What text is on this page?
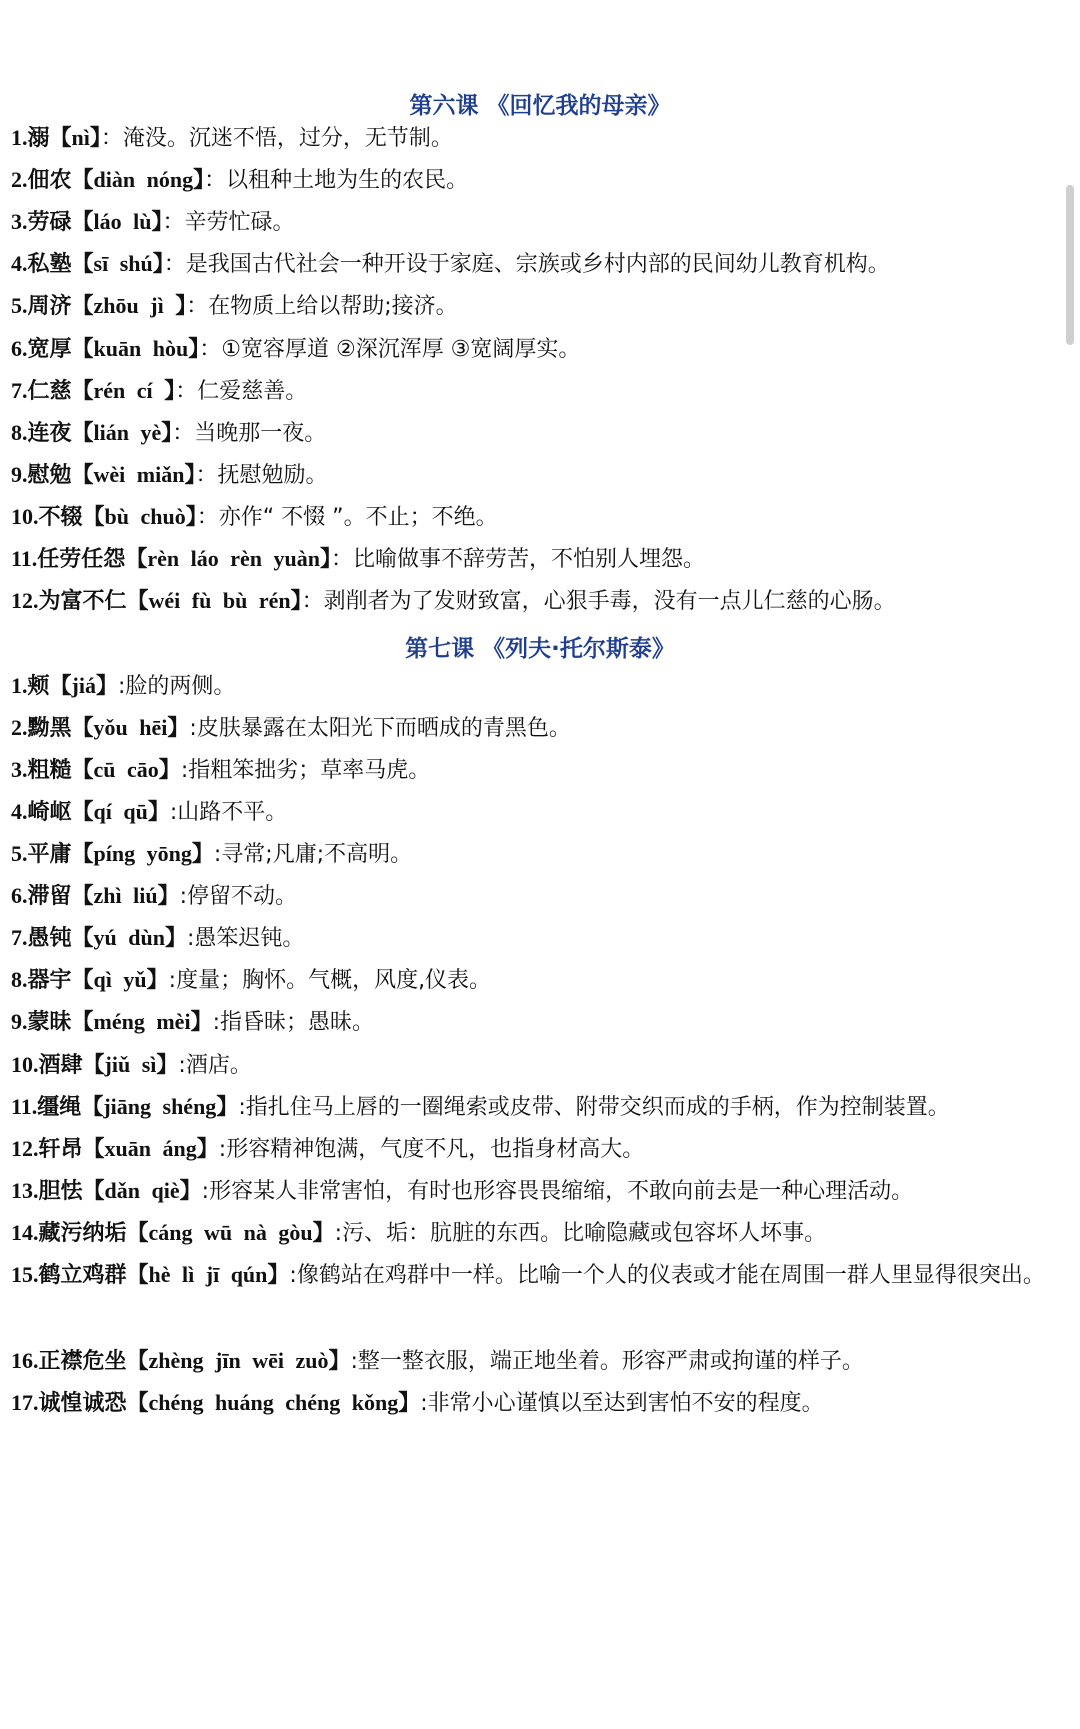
第六课 《回忆我的母亲》
1.溺【nì】：淹没。沉迷不悟，过分，无节制。
2.佃农【diàn nóng】：以租种土地为生的农民。
3.劳碌【láo lù】：辛劳忙碌。
4.私塾【sī shú】：是我国古代社会一种开设于家庭、宗族或乡村内部的民间幼儿教育机构。
5.周济【zhōu jì 】：在物质上给以帮助;接济。
6.宽厚【kuān hòu】：①宽容厚道 ②深沉浑厚 ③宽阔厚实。
7.仁慈【rén cí 】：仁爱慈善。
8.连夜【lián yè】：当晚那一夜。
9.慰勉【wèi miǎn】：抚慰勉励。
10.不辍【bù chuò】：亦作“ 不惙 ”。不止；不绝。
11.任劳任怨【rèn láo rèn yuàn】：比喻做事不辞劳苦，不怕别人埋怨。
12.为富不仁【wéi fù bù rén】：剥削者为了发财致富，心狠手毒，没有一点儿仁慈的心肠。
第七课 《列夫·托尔斯泰》
1.颊【jiá】:脸的两侧。
2.黝黑【yǒu hēi】:皮肤暴露在太阳光下而晒成的青黑色。
3.粗糙【cū cāo】:指粗笨拙劣；草率马虎。
4.崎岖【qí qū】:山路不平。
5.平庸【píng yōng】:寻常;凡庸;不高明。
6.滞留【zhì liú】:停留不动。
7.愚钝【yú dùn】:愚笨迟钝。
8.器宇【qì yǔ】:度量；胸怀。气概，风度,仪表。
9.蒙昧【méng mèi】:指昏昧；愚昧。
10.酒肆【jiǔ sì】:酒店。
11.缰绳【jiāng shéng】:指扎住马上唇的一圈绳索或皮带、附带交织而成的手柄，作为控制装置。
12.轩昂【xuān áng】:形容精神饱满，气度不凡，也指身材高大。
13.胆怯【dǎn qiè】:形容某人非常害怕，有时也形容畏畏缩缩，不敢向前去是一种心理活动。
14.藏污纳垢【cáng wū nà gòu】:污、垢：肮脏的东西。比喻隐藏或包容坏人坏事。
15.鹤立鸡群【hè lì jī qún】:像鹤站在鸡群中一样。比喻一个人的仪表或才能在周围一群人里显得很突出。
16.正襟危坐【zhèng jīn wēi zuò】:整一整衣服，端正地坐着。形容严肃或拘谨的样子。
17.诚惶诚恐【chéng huáng chéng kǒng】:非常小心谨慎以至达到害怕不安的程度。
